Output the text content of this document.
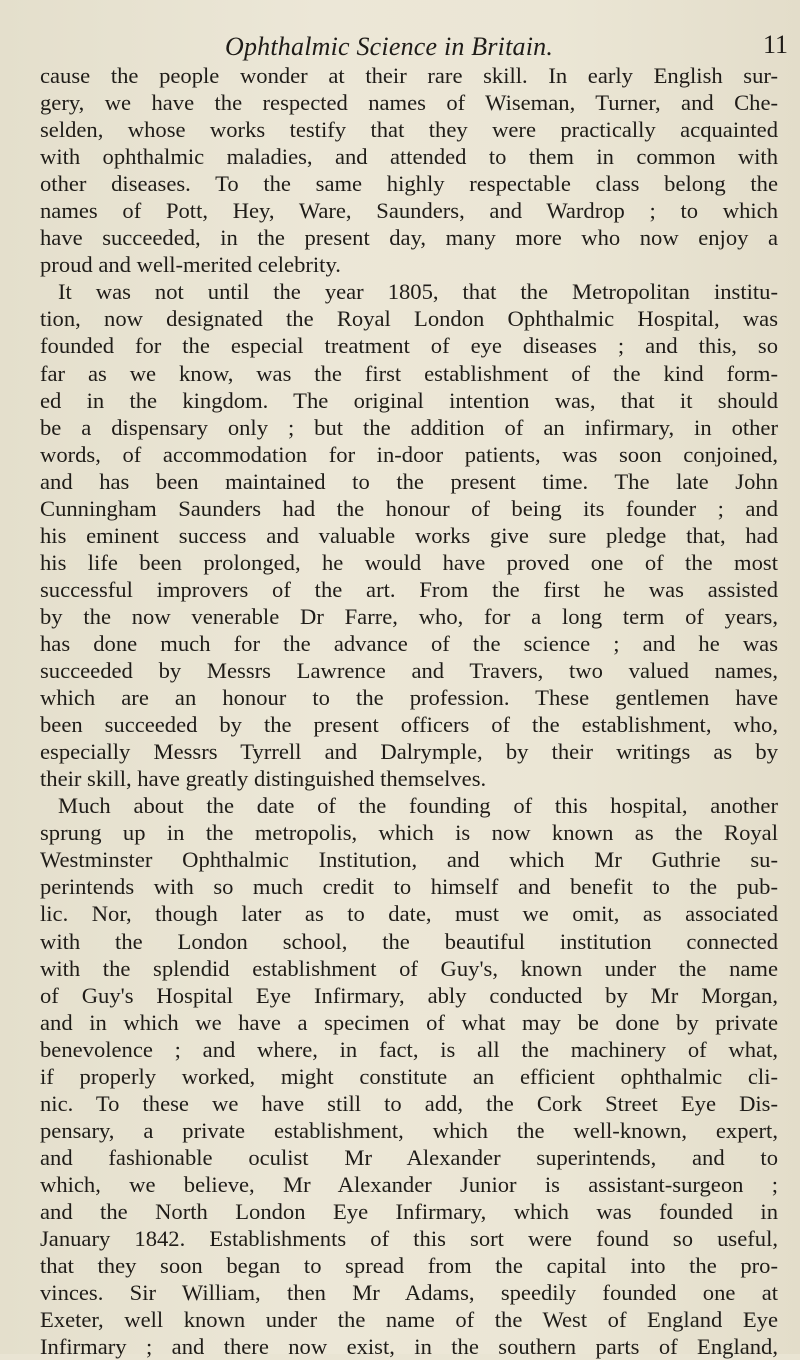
Ophthalmic Science in Britain.	11
cause the people wonder at their rare skill. In early English sur-
gery, we have the respected names of Wiseman, Turner, and Che-
selden, whose works testify that they were practically acquainted
with ophthalmic maladies, and attended to them in common with
other diseases. To the same highly respectable class belong the
names of Pott, Hey, Ware, Saunders, and Wardrop ; to which
have succeeded, in the present day, many more who now enjoy a
proud and well-merited celebrity.
It was not until the year 1805, that the Metropolitan institu-
tion, now designated the Royal London Ophthalmic Hospital, was
founded for the especial treatment of eye diseases ; and this, so
far as we know, was the first establishment of the kind form-
ed in the kingdom. The original intention was, that it should
be a dispensary only ; but the addition of an infirmary, in other
words, of accommodation for in-door patients, was soon conjoined,
and has been maintained to the present time. The late John
Cunningham Saunders had the honour of being its founder ; and
his eminent success and valuable works give sure pledge that, had
his life been prolonged, he would have proved one of the most
successful improvers of the art. From the first he was assisted
by the now venerable Dr Farre, who, for a long term of years,
has done much for the advance of the science ; and he was
succeeded by Messrs Lawrence and Travers, two valued names,
which are an honour to the profession. These gentlemen have
been succeeded by the present officers of the establishment, who,
especially Messrs Tyrrell and Dalrymple, by their writings as by
their skill, have greatly distinguished themselves.
Much about the date of the founding of this hospital, another
sprung up in the metropolis, which is now known as the Royal
Westminster Ophthalmic Institution, and which Mr Guthrie su-
perintends with so much credit to himself and benefit to the pub-
lic. Nor, though later as to date, must we omit, as associated
with the London school, the beautiful institution connected
with the splendid establishment of Guy's, known under the name
of Guy's Hospital Eye Infirmary, ably conducted by Mr Morgan,
and in which we have a specimen of what may be done by private
benevolence ; and where, in fact, is all the machinery of what,
if properly worked, might constitute an efficient ophthalmic cli-
nic. To these we have still to add, the Cork Street Eye Dis-
pensary, a private establishment, which the well-known, expert,
and fashionable oculist Mr Alexander superintends, and to
which, we believe, Mr Alexander Junior is assistant-surgeon ;
and the North London Eye Infirmary, which was founded in
January 1842. Establishments of this sort were found so useful,
that they soon began to spread from the capital into the pro-
vinces. Sir William, then Mr Adams, speedily founded one at
Exeter, well known under the name of the West of England Eye
Infirmary ; and there now exist, in the southern parts of England,
